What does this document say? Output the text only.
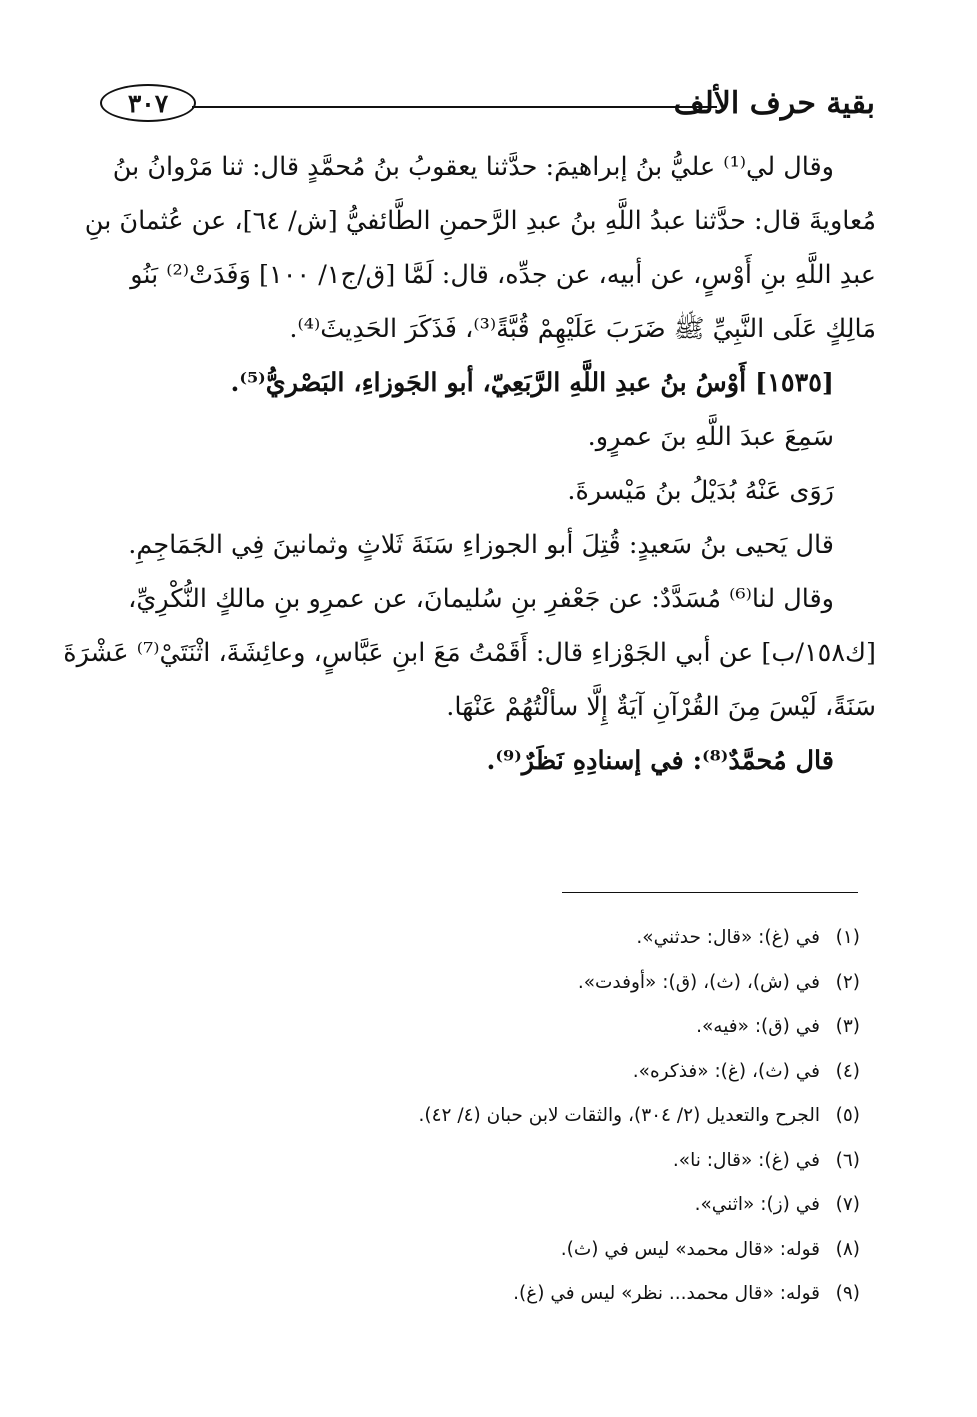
بقية حرف الألف
٣٠٧

وقال لي⁽¹⁾ عليُّ بنُ إبراهيمَ: حدَّثنا يعقوبُ بنُ مُحمَّدٍ قال: ثنا مَرْوانُ بنُ

مُعاويةَ قال: حدَّثنا عبدُ اللَّهِ بنُ عبدِ الرَّحمنِ الطَّائفيُّ [ش/ ٦٤]، عن عُثمانَ بنِ

عبدِ اللَّهِ بنِ أَوْسٍ، عن أبيه، عن جدِّه، قال: لَمَّا [ق/ج١/ ١٠٠] وَفَدَتْ⁽²⁾ بَنُو

مَالِكٍ عَلَى النَّبِيِّ ﷺ ضَرَبَ عَلَيْهِمْ قُبَّةً⁽³⁾، فَذَكَرَ الحَدِيثَ⁽⁴⁾.

[١٥٣٥] أَوْسُ بنُ عبدِ اللَّهِ الرَّبَعِيّ، أبو الجَوزاءِ، البَصْريُّ⁽⁵⁾.

سَمِعَ عبدَ اللَّهِ بنَ عمرٍو.

رَوَى عَنْهُ بُدَيْلُ بنُ مَيْسرةَ.

قال يَحيى بنُ سَعيدٍ: قُتِلَ أبو الجوزاءِ سَنَةَ ثَلاثٍ وثمانينَ فِي الجَمَاجِمِ.

وقال لنا⁽⁶⁾ مُسَدَّدٌ: عن جَعْفرِ بنِ سُليمانَ، عن عمرِو بنِ مالكٍ النُّكْرِيِّ،

[ك١٥٨/ب] عن أبي الجَوْزاءِ قال: أَقَمْتُ مَعَ ابنِ عَبَّاسٍ، وعائِشَةَ، اثْنَتَيْ⁽⁷⁾ عَشْرَةَ

سَنَةً، لَيْسَ مِنَ القُرْآنِ آيَةٌ إِلَّا سألْتُهُمْ عَنْهَا.

قال مُحمَّدٌ⁽⁸⁾: في إسنادِهِ نَظَرٌ⁽⁹⁾.

(١)في (غ): «قال: حدثني».
(٢)في (ش)، (ث)، (ق): «أوفدت».
(٣)في (ق): «فيه».
(٤)في (ث)، (غ): «فذكره».
(٥)الجرح والتعديل (٢/ ٣٠٤)، والثقات لابن حبان (٤/ ٤٢).
(٦)في (غ): «قال: نا».
(٧)في (ز): «اثني».
(٨)قوله: «قال محمد» ليس في (ث).
(٩)قوله: «قال محمد... نظر» ليس في (غ).
